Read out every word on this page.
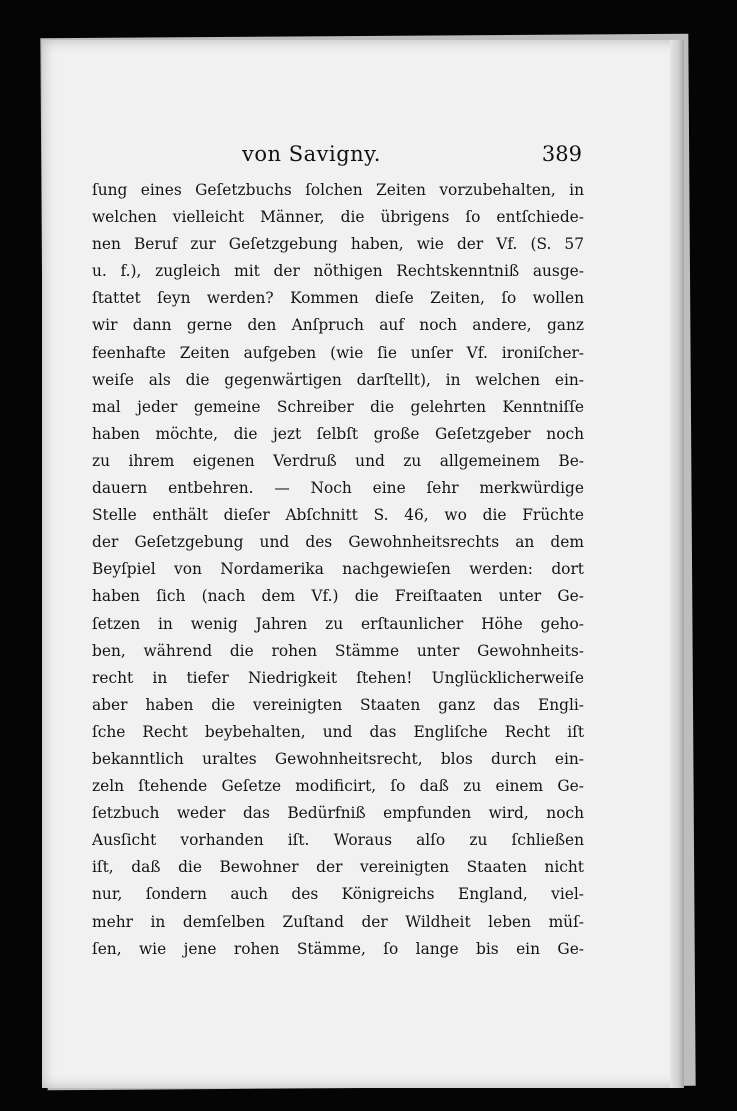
von Savigny.	389
ſung eines Geſetzbuchs ſolchen Zeiten vorzubehalten, in
welchen vielleicht Männer, die übrigens ſo entſchiede-
nen Beruf zur Geſetzgebung haben, wie der Vf. (S. 57
u. f.), zugleich mit der nöthigen Rechtskenntniß ausge-
ſtattet ſeyn werden? Kommen dieſe Zeiten, ſo wollen
wir dann gerne den Anſpruch auf noch andere, ganz
feenhafte Zeiten aufgeben (wie ſie unſer Vf. ironiſcher-
weiſe als die gegenwärtigen darſtellt), in welchen ein-
mal jeder gemeine Schreiber die gelehrten Kenntniſſe
haben möchte, die jezt ſelbſt große Geſetzgeber noch
zu ihrem eigenen Verdruß und zu allgemeinem Be-
dauern entbehren. — Noch eine ſehr merkwürdige
Stelle enthält dieſer Abſchnitt S. 46, wo die Früchte
der Geſetzgebung und des Gewohnheitsrechts an dem
Beyſpiel von Nordamerika nachgewieſen werden: dort
haben ſich (nach dem Vf.) die Freiſtaaten unter Ge-
ſetzen in wenig Jahren zu erſtaunlicher Höhe geho-
ben, während die rohen Stämme unter Gewohnheits-
recht in tiefer Niedrigkeit ſtehen! Unglücklicherweiſe
aber haben die vereinigten Staaten ganz das Engli-
ſche Recht beybehalten, und das Engliſche Recht iſt
bekanntlich uraltes Gewohnheitsrecht, blos durch ein-
zeln ſtehende Geſetze modificirt, ſo daß zu einem Ge-
ſetzbuch weder das Bedürfniß empfunden wird, noch
Ausſicht vorhanden iſt. Woraus alſo zu ſchließen
iſt, daß die Bewohner der vereinigten Staaten nicht
nur, ſondern auch des Königreichs England, viel-
mehr in demſelben Zuſtand der Wildheit leben müſ-
ſen, wie jene rohen Stämme, ſo lange bis ein Ge-
